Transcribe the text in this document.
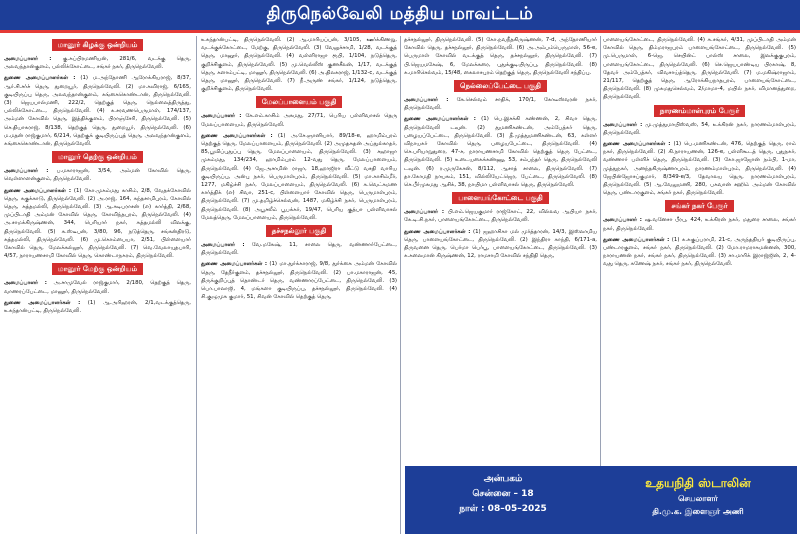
திருநெல்வேலி மத்திய மாவட்டம்
மானூர் கிழக்கு ஒன்றியம்
அமைப்பாளர் : கு.சுப்பிரமணியன், 281/6, வடக்கு தெரு, அலவந்தான்குளம், பல்லிக்கோட்டை, சங்கர் நகர், திருநெல்வேலி.
துணை அமைப்பாளர்கள் : (1) ம.அந்தோணி ஆரோக்கியராஜ், 8/37, ஆர்.சி.சர்ச் தெரு, துறையூர், திருநெல்வேலி. (2) மா.கவிராஜ், 6/165, குடியிருப்பு தெரு, அலவந்தான்குளம், கங்கைகொண்டான், திருநெல்வேலி. (3) ஜெயபால்மணி, 222/2, தெற்குத் தெரு, நெல்லைத்திருத்து, பல்லிக்கோட்டை, திருநெல்வேலி. (4) க.சரவணபெருமாள், 174/137, அம்மன் கோவில் தெரு, இத்திக்குளம், பிராஞ்சேரி, திருநெல்வேலி. (5) செ.தியாகராஜ், 8/138, தெற்குத் தெரு, துறையூர், திருநெல்வேலி. (6) ம.மதன் ராஜ்குமார், 6/214, தெற்குக் குடியிருப்புத் தெரு, அலவந்தான்குளம், கங்கைகொண்டான், திருநெல்வேலி.
மானூர் தெற்கு ஒன்றியம்
அமைப்பாளர் : ப.மகாராஜன், 3/54, அம்மன் கோவில் தெரு, வெள்ளாளன்குளம், திருநெல்வேலி.
துணை அமைப்பாளர்கள் : (1) கோ.முகம்மது காசிம், 2/8, வேதக்கோவில் தெரு, சுகுக்காடு, திருநெல்வேலி. (2) அ.ராஜ், 164, கந்தசாமிபுரம், கோவில் தெரு, சுத்தமல்லி, திருநெல்வேலி. (3) ஆ.சுடிபராசன் (எ) கார்த்தி, 2/68, முப்பிடாதி அம்மன் கோவில் தெரு, கோவிந்தபுரம், திருநெல்வேலி. (4) அ.சாமக்கிருஷ்ணன், 344, பெரியார் நகர், சுத்தமல்லி விலக்கு, திருநெல்வேலி. (5) க.ஸ்டீபன், 3/80, 96, நடுத்தெரு, சங்கன்திரடு, சுத்தமல்லி, திருநெல்வேலி. (6) மு.கொம்பையா, 2/51, பிள்ளையார் கோவில் தெரு, மேலக்கல்லூர், திருநெல்வேலி. (7) வெ.வேலாயுதபாரி, 4/57, நாராயணசாமி கோவில் தெரு, கொண்டாநகரம், திருநெல்வேலி.
மானூர் மேற்கு ஒன்றியம்
அமைப்பாளர் : அ.சாமுவேல் ராஜ்குமார், 2/180, தெற்குத் தெரு, வாணரப்பேட்டை, மானூர், திருநெல்வேலி.
துணை அமைப்பாளர்கள் : (1) ஆ.அரிஹரன், 2/1,வடக்குத்தெரு, உகந்தான்பட்டி, திருநெல்வேலி.
உகந்தான்பட்டி, திருநெல்வேலி. (2) ஆ.மாரியப்பன், 3/105, ஊர்க்கிணறு, வடக்குக்கோட்டை, மேற்கு, திருநெல்வேலி. (3) வேலுச்சாமி, 1/28, வடக்குத் தெரு, மானூர், திருநெல்வேலி. (4) வள்ளிராஜா ரூபி, 1/104, நடுத்தெரு, குறிச்சிகுளம், திருநெல்வேலி. (5) மு.வெல்லீஸ் குணசீலன், 1/17, வடக்குத் தெரு, களாம்பட்டி, மானூர், திருநெல்வேலி. (6) அ.திலகராஜ், 1/132-c, வடக்குத் தெரு, மானூர், திருநெல்வேலி. (7) நீ.அருண் சங்கர், 1/124, நடுத்தெரு, குறிச்சிகுளம், திருநெல்வேலி.
மேலப்பாளையம் பகுதி
அமைப்பாளர் : கே.எம்.காசிம் அகமது, 27/71, பெரிய பள்ளிவாசல் தெரு மேலப்பாளையம், திருநெல்வேலி.
துணை அமைப்பாளர்கள் : (1) அ.சே.ஞானியார், 89/18-e, ஹாமிம்புரம் தெற்குத் தெரு, மேலப்பாளையம், திருநெல்வேலி. (2) அமுதசுதன் அப்துல்காதர், 85,பூவிப்புதுப்பு தெரு, மேலப்பாளையம், திருநெல்வேலி. (3) சஹாஜா முகம்மது, 134/234, ஹாமிம்புரம் 12-வது தெரு, மேலப்பாளையம், திருநெல்வேலி. (4) ஜே.அசாமின் ராஜா, 18,ஹாஜிரா வீட்டு வசதி வாரிய குடியிருப்பு, அன்பு நகர், பெருமாள்புரம், திருநெல்வேலி. (5) மா.காசிம்மீர், 1277, மகிழ்ச்சி நகர், மேலப்பாளையம், திருநெல்வேலி. (6) க.வெட்கமண கார்த்திக் (எ) சிவா, 251-c, பிள்ளையார் கோவில் தெரு, பெருமாள்புரம், திருநெல்வேலி. (7) மு.தமிழ்ச்செல்வன், 1487, மகிழ்ச்சி நகர், பெருமாள்புரம், திருநெல்வேலி. (8) அபூசலீம் பூபக்கர், 19/47, பெரிய குத்பா பள்ளிவாசல் மேலத்தெரு, மேலப்பாளையம், திருநெல்வேலி.
தச்சநல்லூர் பகுதி
அமைப்பாளர் : வே.மகேஷ், 11, சாலை தெரு, வண்ணார்பேட்டை, திருநெல்வேலி.
துணை அமைப்பாளர்கள் : (1) மா.துர்க்காராஜ், 9/8, துர்க்கை அம்மன் கோவில் தெரு, தேநீர்குளம், தச்சநல்லூர், திருநெல்வேலி. (2) பா.மகாராஜன், 45, திருக்குறிப்புத் தொண்டர் தெரு, வண்ணாரப்பேட்டை, திருநெல்வேலி. (3) பொ.பாலாஜி, 4, மங்களா குடியிருப்பு, தச்சநல்லூர், திருநெல்வேலி. (4) சி.குழுமுக குமார், 51, சிவன் கோவில் தெற்குத் தெரு,
தச்சநல்லூர், திருநெல்வேலி. (5) கோ.நவநீதகிருஷ்ணன், 7-d, அந்தோணியார் கோவில் தெரு, தச்சநல்லூர், திருநெல்வேலி. (6) அ.அம்பம்பெருமாள், 56-e, பெருமாள் கோவில் வடக்குத் தெரு, தச்சநல்லூர், திருநெல்வேலி. (7) பி.ஜெயமகேஷ், 6, மேலக்கரை, புதுக்குடியிருப்பு, திருநெல்வேலி. (8) க.மாரிசெல்வம், 15/48, கைலாசபுரம் தெற்குத் தெரு, திருநெல்வேலி சந்திப்பு.
நெல்லைப்பேட்டை பகுதி
அமைப்பாளர் : கே.செல்வம் சாதிக், 170/1, கோடீஸ்வரன் நகர், திருநெல்வேலி.
துணை அமைப்பாளர்கள் : (1) பெ.இசக்கி கண்ணன், 2, சிவா தெரு, திருநெல்வேலி டவுன். (2) துமணிகண்டன், அம்பேத்கர் தெரு, பழையப்பேட்டை, திருநெல்வேலி. (3) தீ.முத்துமணிகண்டன், 63, கள்ளர் விநாயகர் கோவில் தெரு, பழையபேட்டை, திருநெல்வேலி. (4) செ.பரியாறுதுரை, 47-ச, நாராயணசாமி கோவில் தெற்குத் தெரு பேட்டை, திருநெல்வேலி. (5) உடையகைக்கண்ணு, 53, சம்பந்தர் தெரு, திருநெல்வேலி டவுன். (6) ர.முருகேசன், 8/112, ஆசாத் சாலை, திருநெல்வேலி. (7) தா.கோமதி நாயகம், 151, வில்லியேட்ஜெர, பேட்டை, திருநெல்வேலி. (8) செ.பீர்முகமது ஆசிக், 38, நாயிமா பள்ளிவாசல் தெரு, திருநெல்வேலி.
பாளையங்கோட்டை பகுதி
அமைப்பாளர் : பி.எம்.ஜெயகுமார் ராஜ்கோட், 22, வில்லவ ஆபியா நகர், கே.டி.சி.நகர், பாளையங்கோட்டை, திருநெல்வேலி.
துணை அமைப்பாளர்கள் : (1) ஜஹாசிகா மல் முர்த்தாரன், 14/3, இஸ்லாமிய தெரு, பாளையங்கோட்டை, திருநெல்வேலி. (2) இந்திரா காந்தி, 6/171-a, திருவனை தெரு, பெர்மா பெர்பூ, பாளையங்கோட்டை, திருநெல்வேலி. (3) க.சுலைமான் கிருஷ்ணன், 12, ராமசாமி கோவில் சந்திதி தெரு,
பாளையங்கோட்டை, திருநெல்வேலி. (4) சு.சங்கர், 4/31, முப்பிடாதி அம்மன் கோவில் தெரு, திம்மராஜபுரம் பாளையங்கோட்டை, திருநெல்வேலி. (5) மு.பெருமாள், 6-ஜெ, செயின்ட் பால்ஸ் சாலை, இலக்குகுபுரம், பாளையங்கோட்டை, திருநெல்வேலி. (6) செ.ஜெயபாண்டிய பிரகாஷ், 8, தேவர் அம்பேத்கர், விவசாய்த்தெரு, திருநெல்வேலி. (7) ம.மகிஷ்ராஜாம், 21/117, தெற்குத் தெரு, ஆரோக்கியநாதபுரம், பாளையங்கோட்டை, திருநெல்வேலி. (8) முகமதுசெல்வம், 2/மாமா-4, மயில் நகர், விமானத்துறை, திருநெல்வேலி.
நாரணம்மாள்புரம் பேரூர்
அமைப்பாளர் : மு.முத்துமாயிஸ்வஸ், 54, உக்கிரன் நகர், நாரணம்மாள்புரம், திருநெல்வேலி.
துணை அமைப்பாளர்கள் : (1) பெ.மணிகண்டன், 476, தெற்குத் தெரு, ராம் நகர், திருநெல்வேலி. (2) கி.நாராயணன், 126-e, பள்ளிகூடத் தெரு, புதுநகர், வண்ணார் பள்ளிச் தெரு, திருநெல்வேலி. (3) கோ.ஜாஜோன் நம்பி, 1-மா, முத்துநகர், அனந்தகிருஷ்ணாபுரம், நாரணம்மாள்புரம், திருநெல்வேலி. (4) ஜேபின்ஜோசப்குமார், 8/349-e/3, தேவாலய தெரு, நாரணம்மாள்புரம், திருநெல்வேலி. (5) ஆ.வேலுமணி, 280, பகவான் சஹிம் அம்மன் கோவில் தெரு, பண்டாரகுளம், சங்கர் நகர், திருநெல்வேலி.
சங்கர் நகர் பேரூர்
அமைப்பாளர் : ஷ.வனேசா பீரபு, 424, உக்கிரன் நகர், மதுரை சாலை, சங்கர் நகர், திருநெல்வேலி.
துணை அமைப்பாளர்கள் : (1) க.சுகுப்பராமி, 21-c, அருந்ததியர் குடியிருப்பு, பண்டாரகுளம், சங்கர் நகர், திருநெல்வேலி. (2) மோ.ராமராகமன்னன், 300, நாராயணன் நகர், சங்கர் நகர், திருநெல்வேலி. (3) சா.மாரிக் இராஜ்ஜின், 2, 4-வது தெரு, கணேஷ் நகர், சங்கர் நகர், திருநெல்வேலி.
அன்பகம்
சென்னை – 18
நாள் : 08–05–2025
உதயநிதி ஸ்டாலின்
செயலாளர்
தி.மு.க. இளைஞர் அணி
